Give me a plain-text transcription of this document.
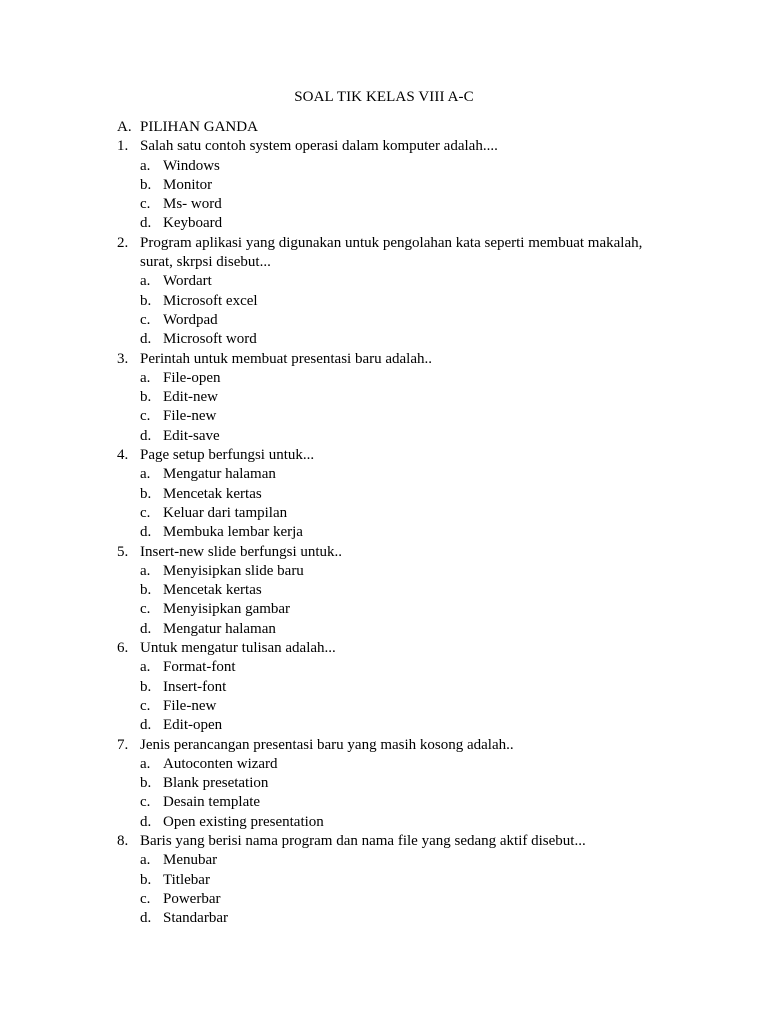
SOAL TIK KELAS VIII A-C
A. PILIHAN GANDA
1. Salah satu contoh system operasi dalam komputer adalah....
a. Windows
b. Monitor
c. Ms- word
d. Keyboard
2. Program aplikasi yang digunakan untuk pengolahan kata seperti membuat makalah,
surat, skrpsi disebut...
a. Wordart
b. Microsoft excel
c. Wordpad
d. Microsoft word
3. Perintah untuk membuat presentasi baru adalah..
a. File-open
b. Edit-new
c. File-new
d. Edit-save
4. Page setup berfungsi untuk...
a. Mengatur halaman
b. Mencetak kertas
c. Keluar dari tampilan
d. Membuka lembar kerja
5. Insert-new slide berfungsi untuk..
a. Menyisipkan slide baru
b. Mencetak kertas
c. Menyisipkan gambar
d. Mengatur halaman
6. Untuk mengatur tulisan adalah...
a. Format-font
b. Insert-font
c. File-new
d. Edit-open
7. Jenis perancangan presentasi baru yang masih kosong adalah..
a. Autoconten wizard
b. Blank presetation
c. Desain template
d. Open existing presentation
8. Baris yang berisi nama program dan nama file yang sedang aktif disebut...
a. Menubar
b. Titlebar
c. Powerbar
d. Standarbar
